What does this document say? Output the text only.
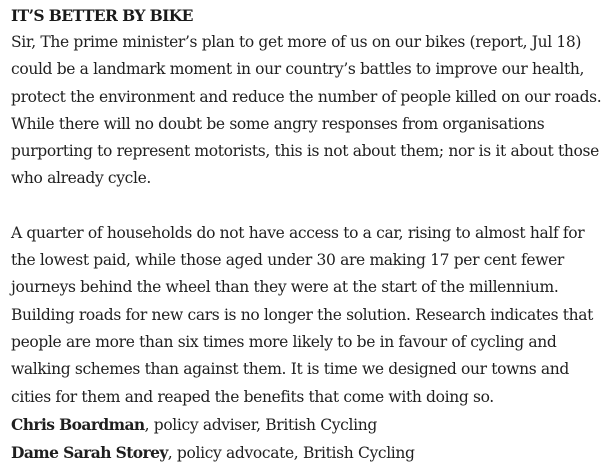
IT’S BETTER BY BIKE

Sir, The prime minister’s plan to get more of us on our bikes (report, Jul 18) could be a landmark moment in our country’s battles to improve our health, protect the environment and reduce the number of people killed on our roads. While there will no doubt be some angry responses from organisations purporting to represent motorists, this is not about them; nor is it about those who already cycle.

A quarter of households do not have access to a car, rising to almost half for the lowest paid, while those aged under 30 are making 17 per cent fewer journeys behind the wheel than they were at the start of the millennium. Building roads for new cars is no longer the solution. Research indicates that people are more than six times more likely to be in favour of cycling and walking schemes than against them. It is time we designed our towns and cities for them and reaped the benefits that come with doing so.

Chris Boardman, policy adviser, British Cycling

Dame Sarah Storey, policy advocate, British Cycling
